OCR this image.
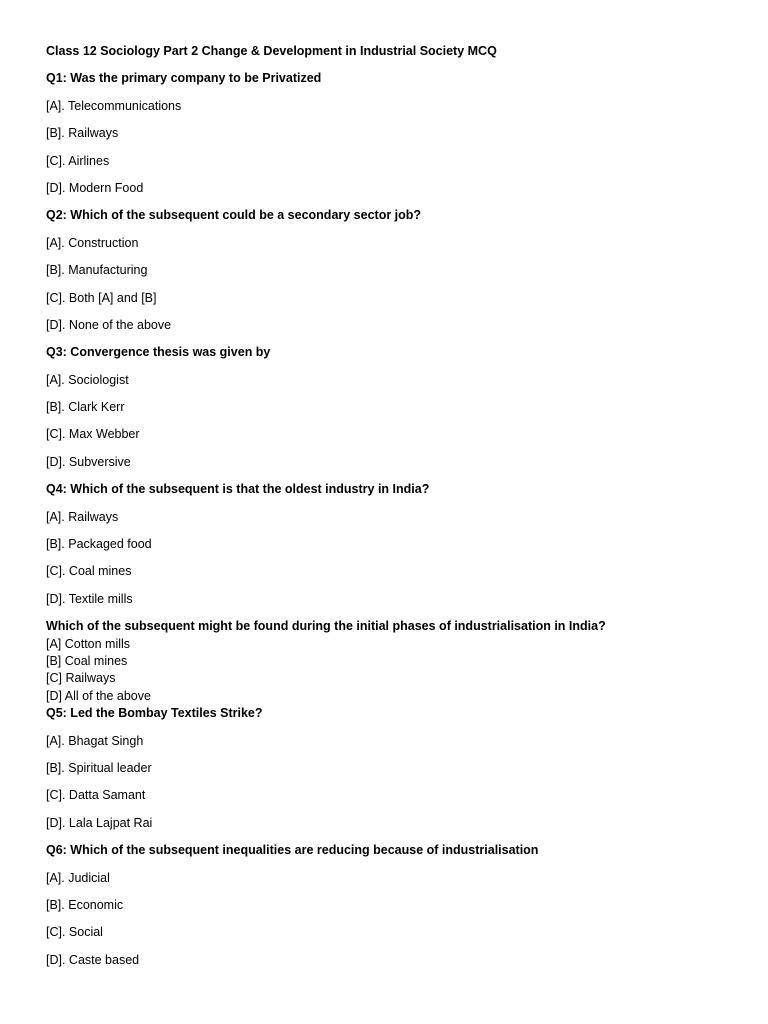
Class 12 Sociology Part 2 Change & Development in Industrial Society MCQ
Q1: Was the primary company to be Privatized
[A]. Telecommunications
[B]. Railways
[C]. Airlines
[D]. Modern Food
Q2: Which of the subsequent could be a secondary sector job?
[A]. Construction
[B]. Manufacturing
[C]. Both [A] and [B]
[D]. None of the above
Q3: Convergence thesis was given by
[A]. Sociologist
[B]. Clark Kerr
[C]. Max Webber
[D]. Subversive
Q4: Which of the subsequent is that the oldest industry in India?
[A]. Railways
[B]. Packaged food
[C]. Coal mines
[D]. Textile mills
Which of the subsequent might be found during the initial phases of industrialisation in India?
[A] Cotton mills
[B] Coal mines
[C] Railways
[D] All of the above
Q5: Led the Bombay Textiles Strike?
[A]. Bhagat Singh
[B]. Spiritual leader
[C]. Datta Samant
[D]. Lala Lajpat Rai
Q6: Which of the subsequent inequalities are reducing because of industrialisation
[A]. Judicial
[B]. Economic
[C]. Social
[D]. Caste based
